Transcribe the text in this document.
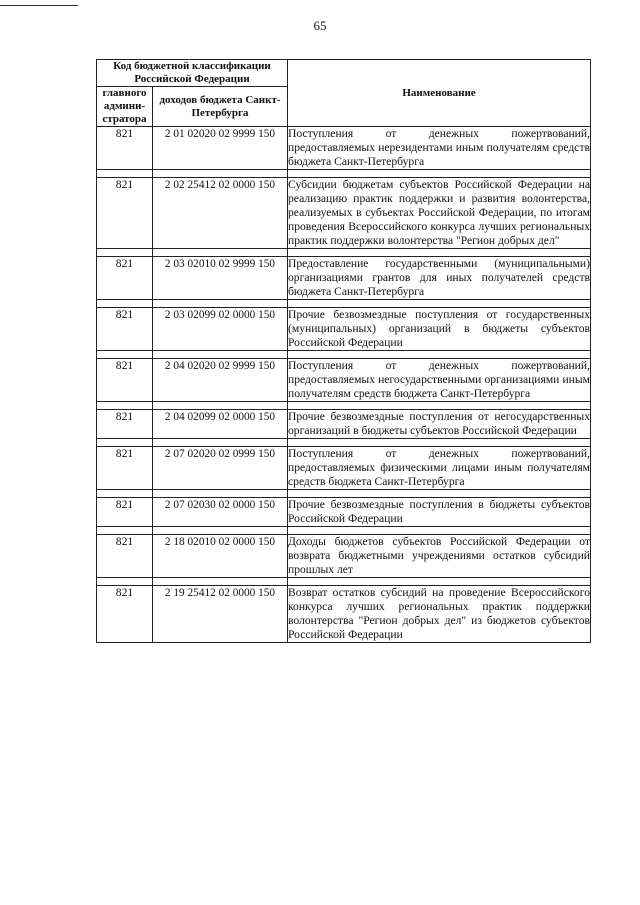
65
Код бюджетной классификации Российской Федерации		Наименование
главного админи-стратора	доходов бюджета Санкт-Петербурга	
821	2 01 02020 02 9999 150	Поступления от денежных пожертвований, предоставляемых нерезидентами иным получателям средств бюджета Санкт-Петербурга

821	2 02 25412 02 0000 150	Субсидии бюджетам субъектов Российской Федерации на реализацию практик поддержки и развития волонтерства, реализуемых в субъектах Российской Федерации, по итогам проведения Всероссийского конкурса лучших региональных практик поддержки волонтерства "Регион добрых дел"

821	2 03 02010 02 9999 150	Предоставление государственными (муниципальными) организациями грантов для иных получателей средств бюджета Санкт-Петербурга

821	2 03 02099 02 0000 150	Прочие безвозмездные поступления от государственных (муниципальных) организаций в бюджеты субъектов Российской Федерации

821	2 04 02020 02 9999 150	Поступления от денежных пожертвований, предоставляемых негосударственными организациями иным получателям средств бюджета Санкт-Петербурга

821	2 04 02099 02 0000 150	Прочие безвозмездные поступления от негосударственных организаций в бюджеты субъектов Российской Федерации

821	2 07 02020 02 0999 150	Поступления от денежных пожертвований, предоставляемых физическими лицами иным получателям средств бюджета Санкт-Петербурга

821	2 07 02030 02 0000 150	Прочие безвозмездные поступления в бюджеты субъектов Российской Федерации

821	2 18 02010 02 0000 150	Доходы бюджетов субъектов Российской Федерации от возврата бюджетными учреждениями остатков субсидий прошлых лет

821	2 19 25412 02 0000 150	Возврат остатков субсидий на проведение Всероссийского конкурса лучших региональных практик поддержки волонтерства "Регион добрых дел" из бюджетов субъектов Российской Федерации
